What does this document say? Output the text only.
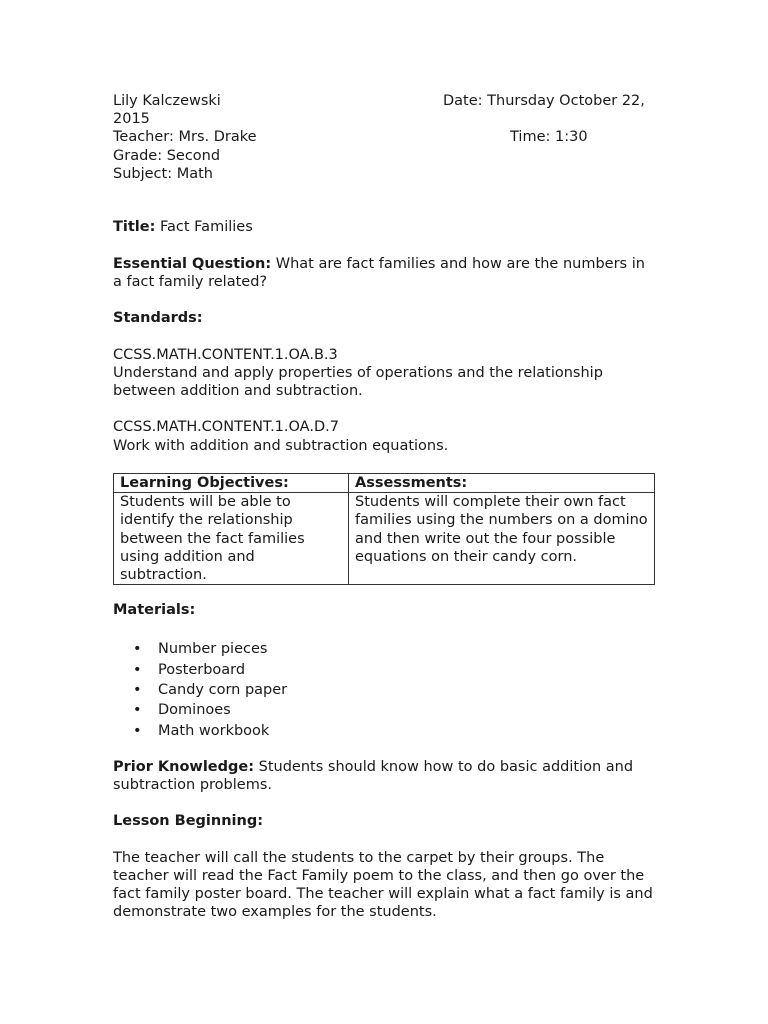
Lily Kalczewski	Date: Thursday October 22,
2015
Teacher: Mrs. Drake	Time: 1:30
Grade: Second
Subject: Math

Title: Fact Families

Essential Question: What are fact families and how are the numbers in a fact family related?

Standards:

CCSS.MATH.CONTENT.1.OA.B.3

Understand and apply properties of operations and the relationship between addition and subtraction.

CCSS.MATH.CONTENT.1.OA.D.7

Work with addition and subtraction equations.

Learning Objectives:	Assessments:
Students will be able to identify the relationship between the fact families using addition and subtraction.	Students will complete their own fact families using the numbers on a domino and then write out the four possible equations on their candy corn.

Materials:

• Number pieces
• Posterboard
• Candy corn paper
• Dominoes
• Math workbook

Prior Knowledge: Students should know how to do basic addition and subtraction problems.

Lesson Beginning:

The teacher will call the students to the carpet by their groups. The teacher will read the Fact Family poem to the class, and then go over the fact family poster board. The teacher will explain what a fact family is and demonstrate two examples for the students.
